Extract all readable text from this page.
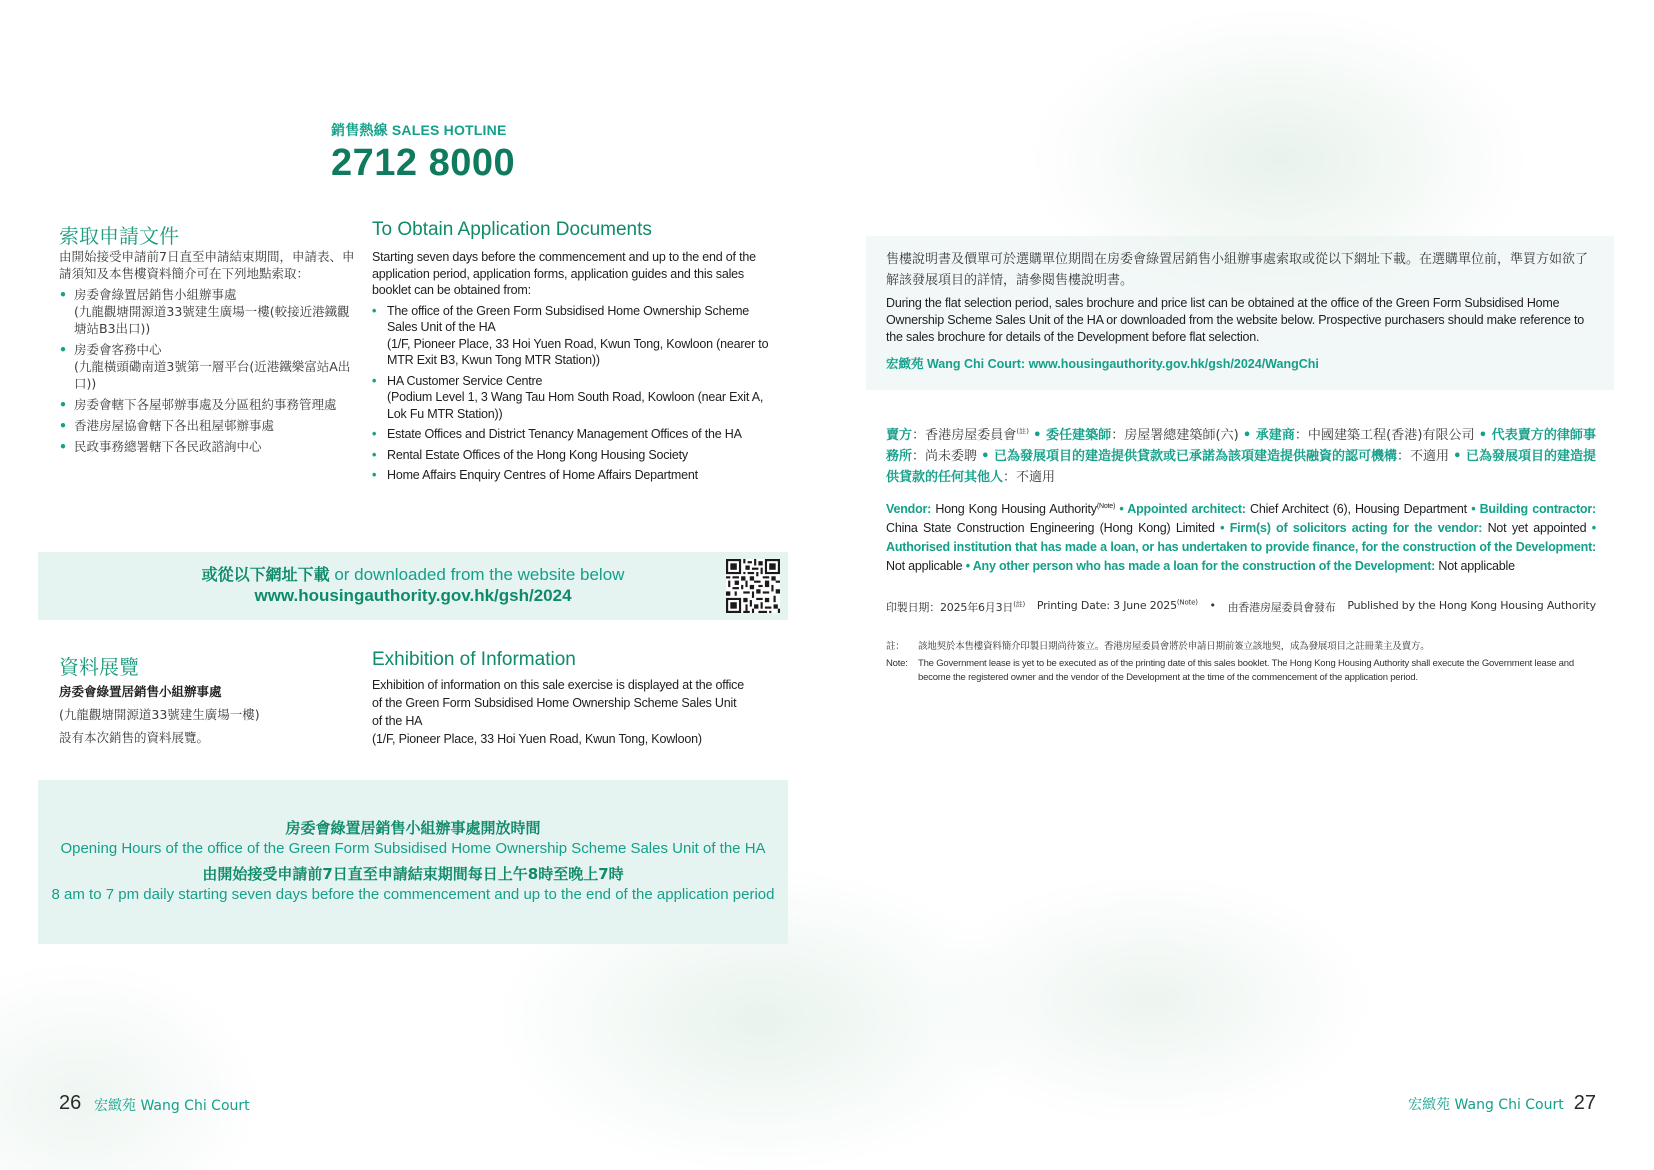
銷售熱線 SALES HOTLINE
2712 8000
索取申請文件
由開始接受申請前7日直至申請結束期間，申請表、申請須知及本售樓資料簡介可在下列地點索取：
• 房委會綠置居銷售小組辦事處
(九龍觀塘開源道33號建生廣場一樓(較接近港鐵觀塘站B3出口))
• 房委會客務中心
(九龍橫頭磡南道3號第一層平台(近港鐵樂富站A出口))
• 房委會轄下各屋邨辦事處及分區租約事務管理處
• 香港房屋協會轄下各出租屋邨辦事處
• 民政事務總署轄下各民政諮詢中心
To Obtain Application Documents
Starting seven days before the commencement and up to the end of the application period, application forms, application guides and this sales booklet can be obtained from:
• The office of the Green Form Subsidised Home Ownership Scheme Sales Unit of the HA
(1/F, Pioneer Place, 33 Hoi Yuen Road, Kwun Tong, Kowloon (nearer to MTR Exit B3, Kwun Tong MTR Station))
• HA Customer Service Centre
(Podium Level 1, 3 Wang Tau Hom South Road, Kowloon (near Exit A, Lok Fu MTR Station))
• Estate Offices and District Tenancy Management Offices of the HA
• Rental Estate Offices of the Hong Kong Housing Society
• Home Affairs Enquiry Centres of Home Affairs Department
或從以下網址下載 or downloaded from the website below
www.housingauthority.gov.hk/gsh/2024
資料展覽
房委會綠置居銷售小組辦事處
(九龍觀塘開源道33號建生廣場一樓)
設有本次銷售的資料展覽。
Exhibition of Information
Exhibition of information on this sale exercise is displayed at the office of the Green Form Subsidised Home Ownership Scheme Sales Unit of the HA
(1/F, Pioneer Place, 33 Hoi Yuen Road, Kwun Tong, Kowloon)
房委會綠置居銷售小組辦事處開放時間
Opening Hours of the office of the Green Form Subsidised Home Ownership Scheme Sales Unit of the HA
由開始接受申請前7日直至申請結束期間每日上午8時至晚上7時
8 am to 7 pm daily starting seven days before the commencement and up to the end of the application period
26 宏緻苑 Wang Chi Court
售樓說明書及價單可於選購單位期間在房委會綠置居銷售小組辦事處索取或從以下網址下載。在選購單位前，準買方如欲了解該發展項目的詳情，請參閱售樓說明書。
During the flat selection period, sales brochure and price list can be obtained at the office of the Green Form Subsidised Home Ownership Scheme Sales Unit of the HA or downloaded from the website below. Prospective purchasers should make reference to the sales brochure for details of the Development before flat selection.
宏緻苑 Wang Chi Court: www.housingauthority.gov.hk/gsh/2024/WangChi
賣方：香港房屋委員會$^{(註)}$ • 委任建築師：房屋署總建築師(六) • 承建商：中國建築工程(香港)有限公司 • 代表賣方的律師事務所：尚未委聘 • 已為發展項目的建造提供貸款或已承諾為該項建造提供融資的認可機構：不適用 • 已為發展項目的建造提供貸款的任何其他人：不適用
Vendor: Hong Kong Housing Authority$^{(Note)}$ • Appointed architect: Chief Architect (6), Housing Department • Building contractor: China State Construction Engineering (Hong Kong) Limited • Firm(s) of solicitors acting for the vendor: Not yet appointed • Authorised institution that has made a loan, or has undertaken to provide finance, for the construction of the Development: Not applicable • Any other person who has made a loan for the construction of the Development: Not applicable
印製日期：2025年6月3日$^{(註)}$ Printing Date: 3 June $2025^{(Note)}$ • 由香港房屋委員會發布 Published by the Hong Kong Housing Authority
註： 該地契於本售樓資料簡介印製日期尚待簽立。香港房屋委員會將於申請日期前簽立該地契，成為發展項目之註冊業主及賣方。
Note:	The Government lease is yet to be executed as of the printing date of this sales booklet. The Hong Kong Housing Authority shall execute the Government lease and become the registered owner and the vendor of the Development at the time of the commencement of the application period.
宏緻苑 Wang Chi Court 27
